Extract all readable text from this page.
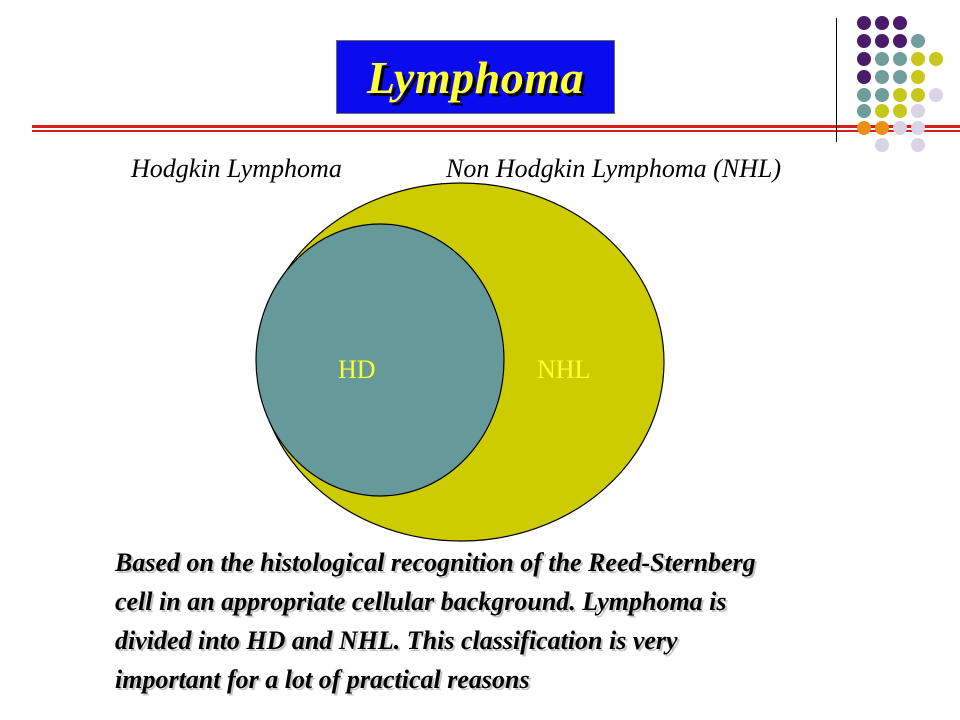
Lymphoma
Hodgkin Lymphoma	Non Hodgkin Lymphoma (NHL)
HD	NHL
Based on the histological recognition of the Reed-Sternberg
cell in an appropriate cellular background. Lymphoma is
divided into HD and NHL. This classification is very
important for a lot of practical reasons
